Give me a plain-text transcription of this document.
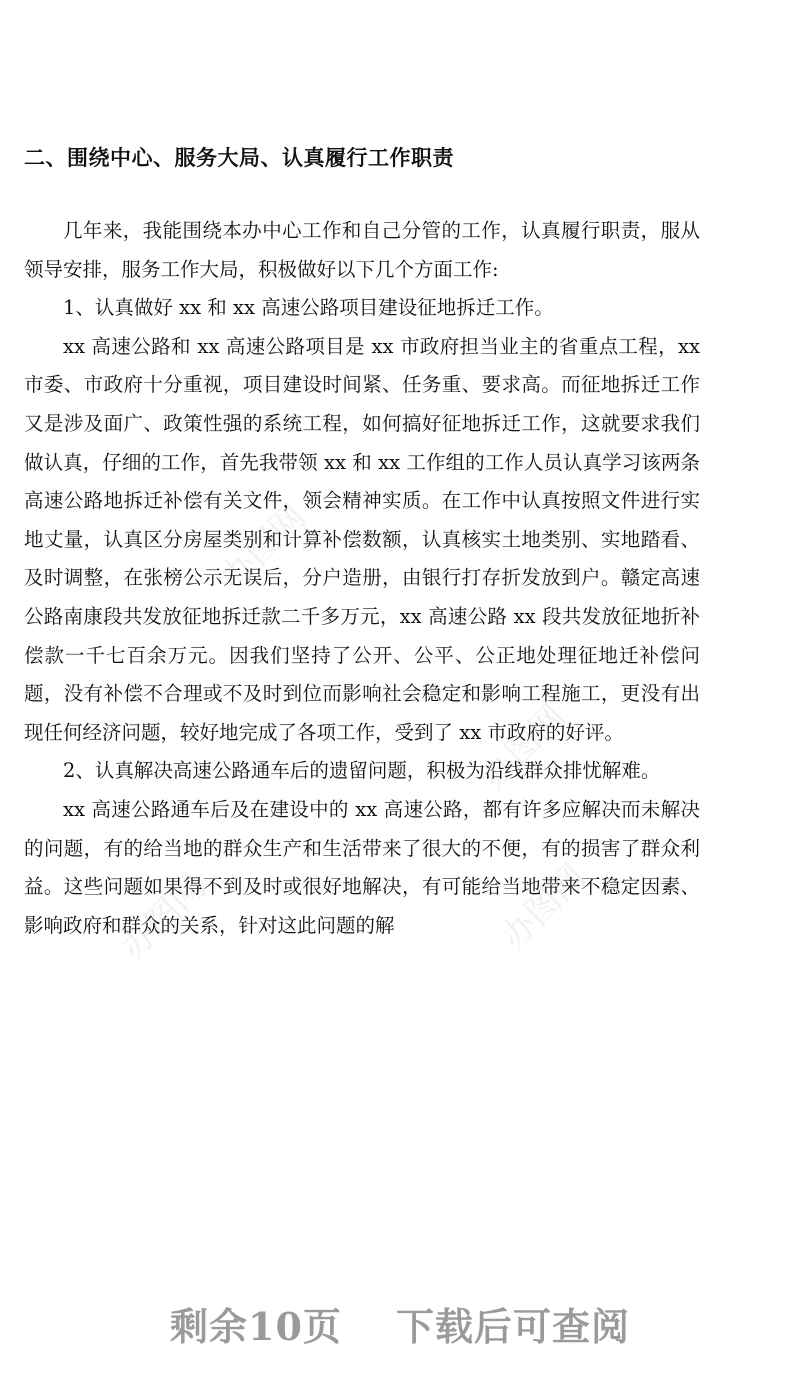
办图网
办图网
办图网	办图网
二、围绕中心、服务大局、认真履行工作职责

几年来，我能围绕本办中心工作和自己分管的工作，认真履行职责，服从领导安排，服务工作大局，积极做好以下几个方面工作:

1、认真做好 xx 和 xx 高速公路项目建设征地拆迁工作。

xx 高速公路和 xx 高速公路项目是 xx 市政府担当业主的省重点工程，xx 市委、市政府十分重视，项目建设时间紧、任务重、要求高。而征地拆迁工作又是涉及面广、政策性强的系统工程，如何搞好征地拆迁工作，这就要求我们做认真，仔细的工作，首先我带领 xx 和 xx 工作组的工作人员认真学习该两条高速公路地拆迁补偿有关文件，领会精神实质。在工作中认真按照文件进行实地丈量，认真区分房屋类别和计算补偿数额，认真核实土地类别、实地踏看、及时调整，在张榜公示无误后，分户造册，由银行打存折发放到户。赣定高速公路南康段共发放征地拆迁款二千多万元，xx 高速公路 xx 段共发放征地折补偿款一千七百余万元。因我们坚持了公开、公平、公正地处理征地迁补偿问题，没有补偿不合理或不及时到位而影响社会稳定和影响工程施工，更没有出现任何经济问题，较好地完成了各项工作，受到了 xx 市政府的好评。

2、认真解决高速公路通车后的遗留问题，积极为沿线群众排忧解难。

xx 高速公路通车后及在建设中的 xx 高速公路，都有许多应解决而未解决的问题，有的给当地的群众生产和生活带来了很大的不便，有的损害了群众利益。这些问题如果得不到及时或很好地解决，有可能给当地带来不稳定因素、影响政府和群众的关系，针对这此问题的解

剩余10页 下载后可查阅
